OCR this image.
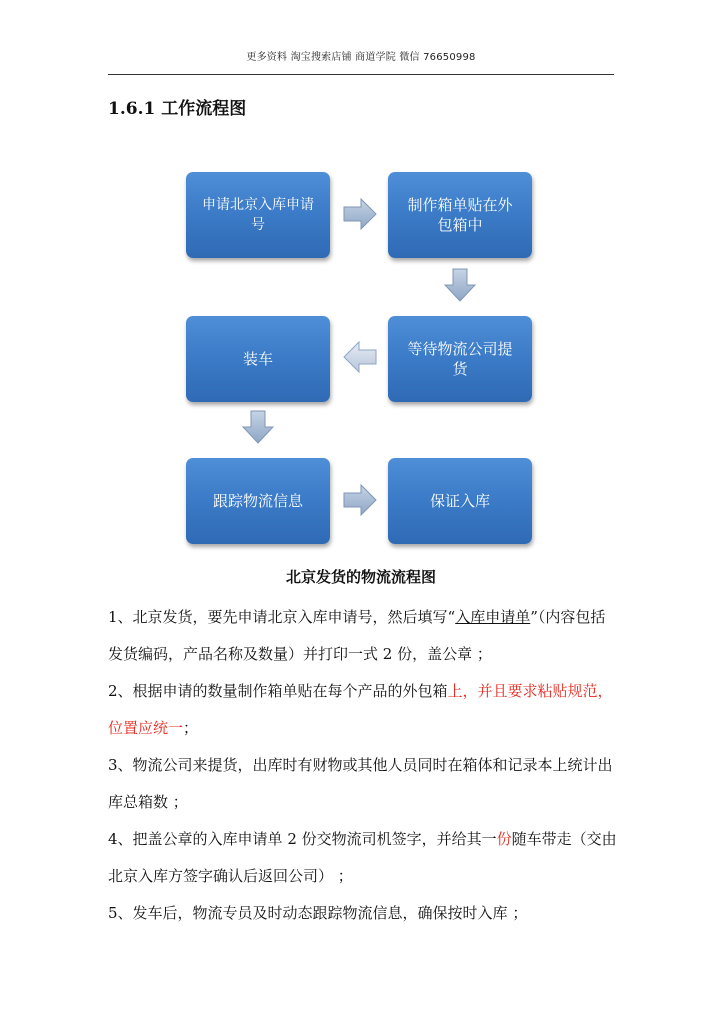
更多资料 淘宝搜索店铺 商道学院 微信 76650998
1.6.1 工作流程图
申请北京入库申请号
制作箱单贴在外包箱中
等待物流公司提货
装车
跟踪物流信息	保证入库
北京发货的物流流程图
1、北京发货，要先申请北京入库申请号，然后填写“入库申请单”（内容包括发货编码，产品名称及数量）并打印一式 2 份，盖公章 ；
2、根据申请的数量制作箱单贴在每个产品的外包箱上，并且要求粘贴规范，位置应统一；
3、物流公司来提货，出库时有财物或其他人员同时在箱体和记录本上统计出库总箱数 ；
4、把盖公章的入库申请单 2 份交物流司机签字，并给其一份随车带走（交由北京入库方签字确认后返回公司） ；
5、发车后，物流专员及时动态跟踪物流信息，确保按时入库 ；
